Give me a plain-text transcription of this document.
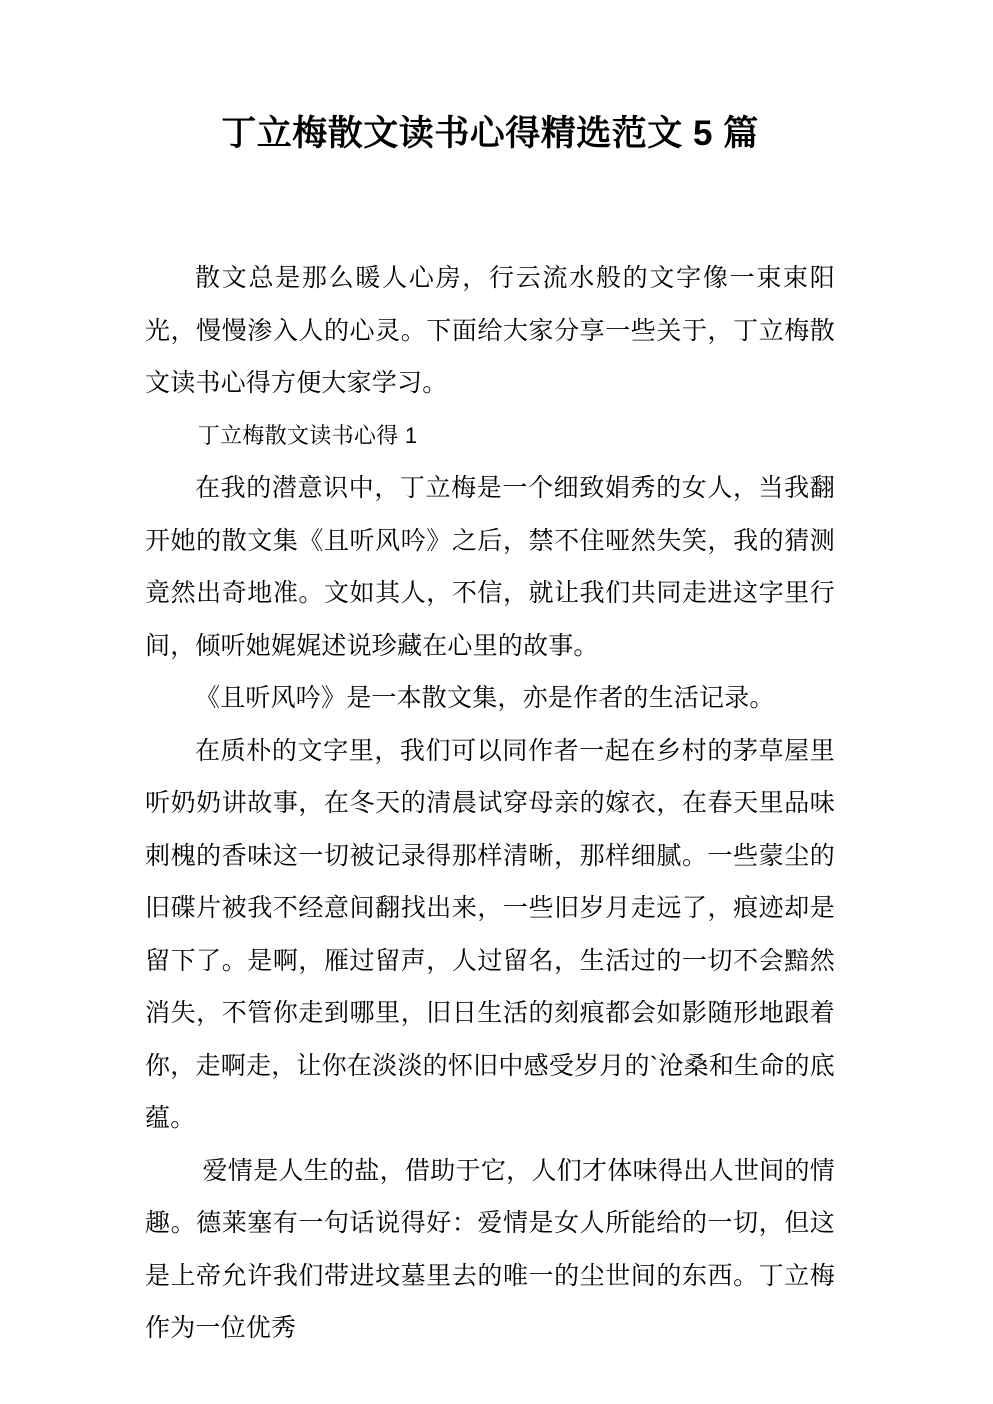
丁立梅散文读书心得精选范文 5 篇

散文总是那么暖人心房，行云流水般的文字像一束束阳光，慢慢渗入人的心灵。下面给大家分享一些关于，丁立梅散文读书心得方便大家学习。

丁立梅散文读书心得 1

在我的潜意识中，丁立梅是一个细致娟秀的女人，当我翻开她的散文集《且听风吟》之后，禁不住哑然失笑，我的猜测竟然出奇地准。文如其人，不信，就让我们共同走进这字里行间，倾听她娓娓述说珍藏在心里的故事。

《且听风吟》是一本散文集，亦是作者的生活记录。

在质朴的文字里，我们可以同作者一起在乡村的茅草屋里听奶奶讲故事，在冬天的清晨试穿母亲的嫁衣，在春天里品味刺槐的香味这一切被记录得那样清晰，那样细腻。一些蒙尘的旧碟片被我不经意间翻找出来，一些旧岁月走远了，痕迹却是留下了。是啊，雁过留声，人过留名，生活过的一切不会黯然消失，不管你走到哪里，旧日生活的刻痕都会如影随形地跟着你，走啊走，让你在淡淡的怀旧中感受岁月的`沧桑和生命的底蕴。

爱情是人生的盐，借助于它，人们才体味得出人世间的情趣。德莱塞有一句话说得好：爱情是女人所能给的一切，但这是上帝允许我们带进坟墓里去的唯一的尘世间的东西。丁立梅作为一位优秀
